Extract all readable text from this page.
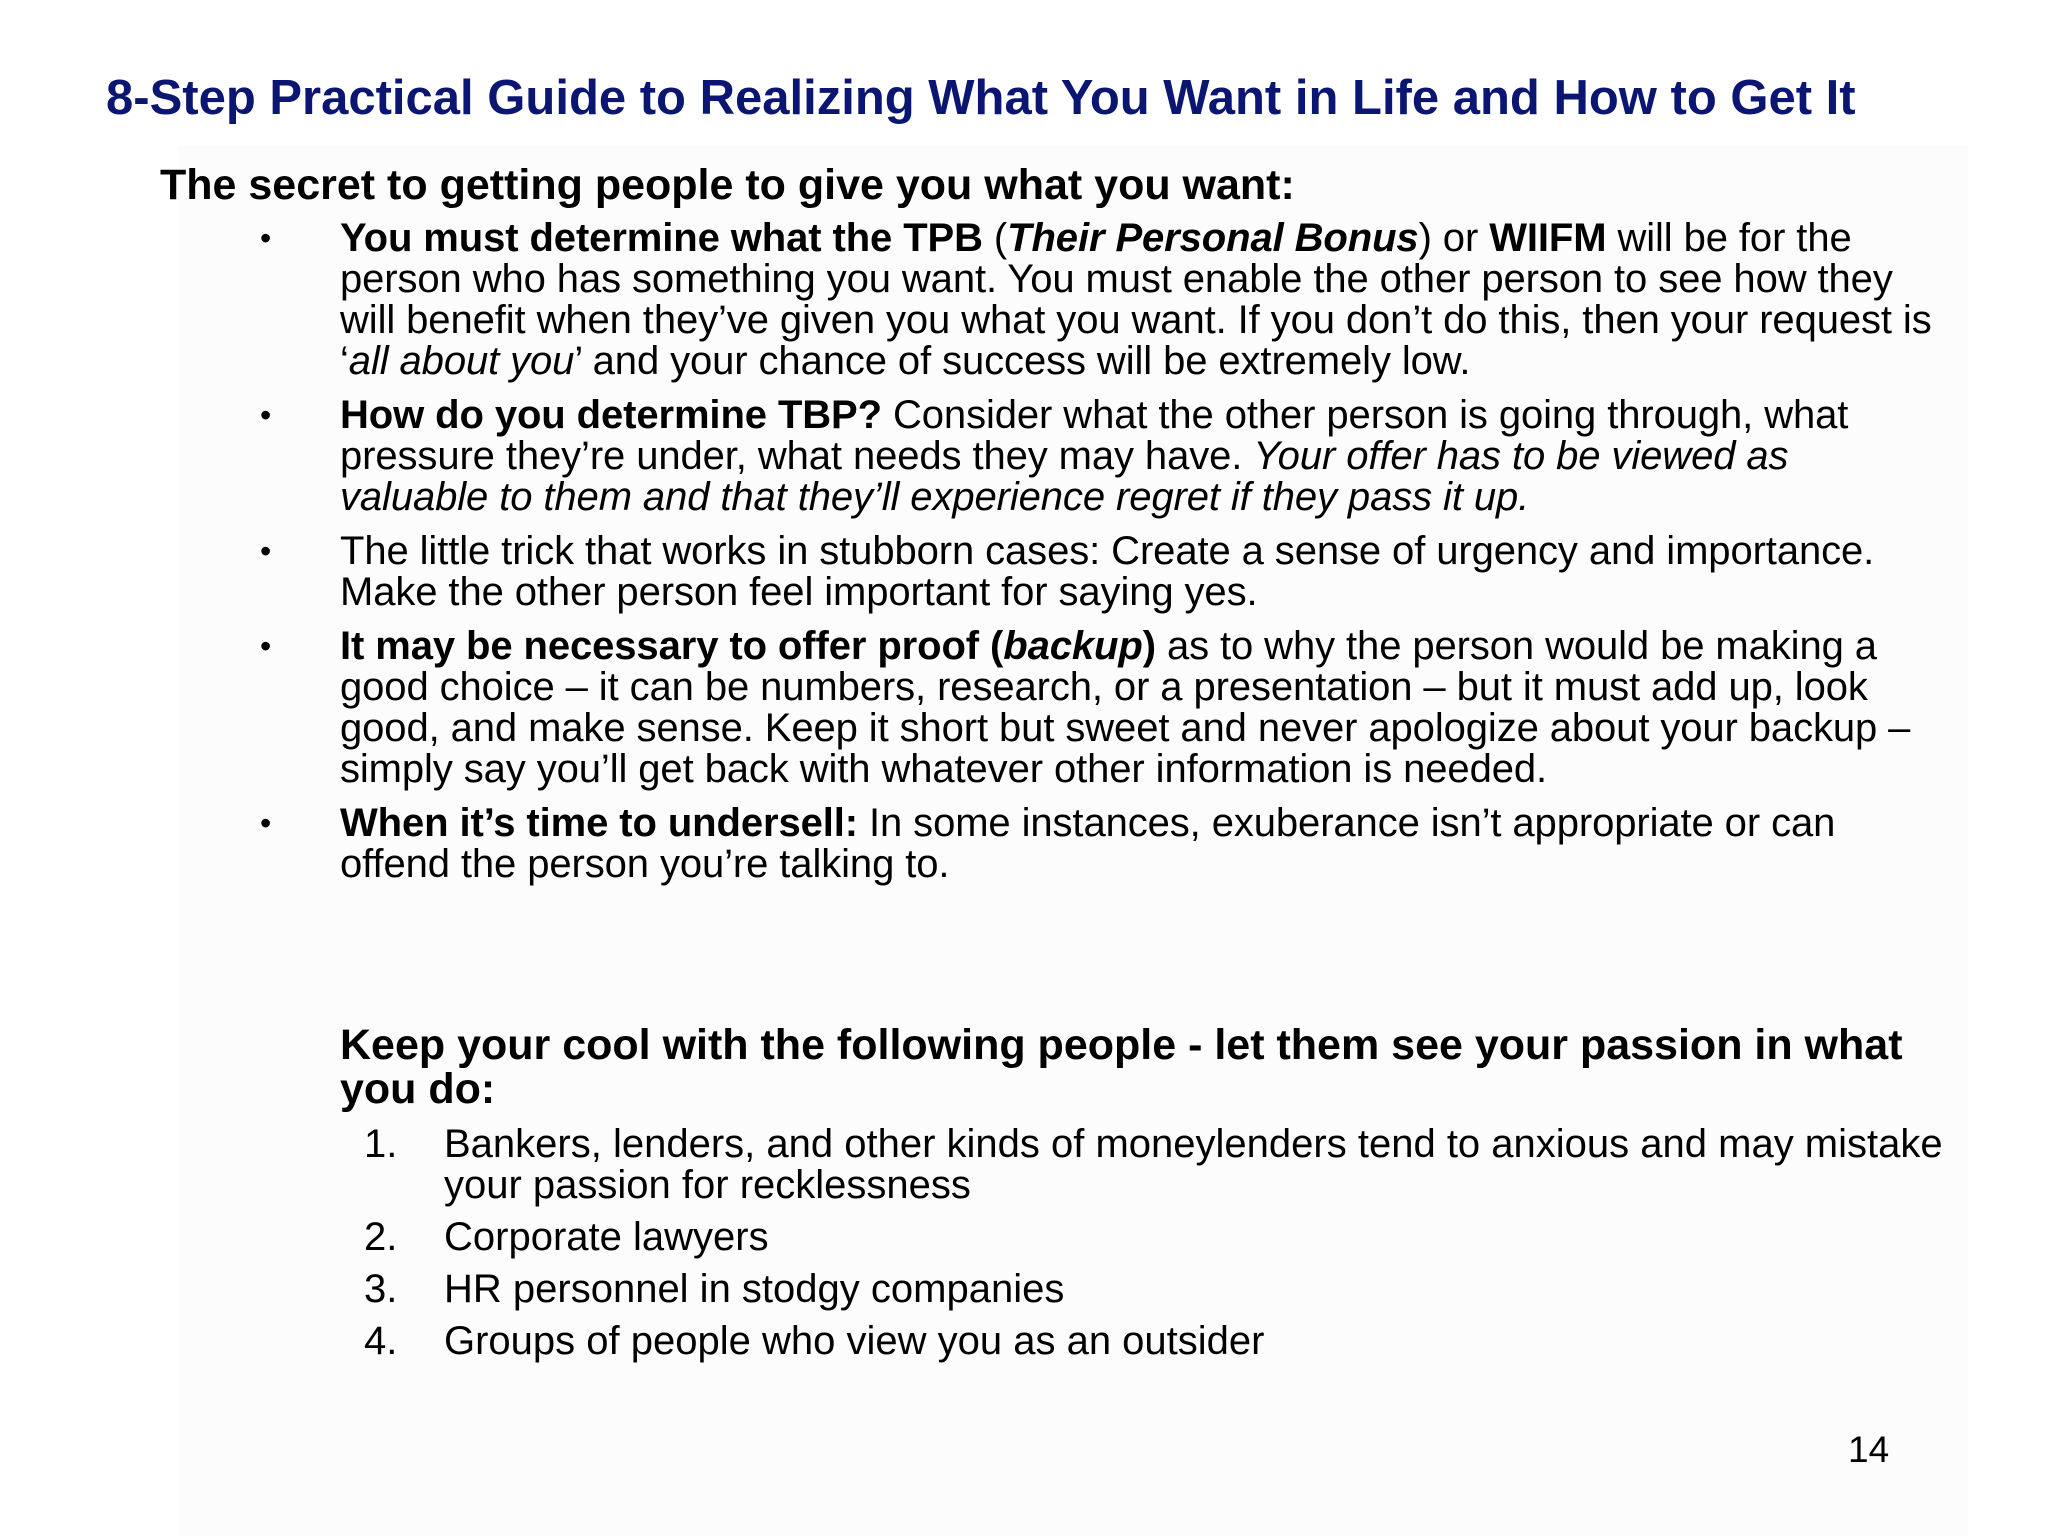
8-Step Practical Guide to Realizing What You Want in Life and How to Get It
The secret to getting people to give you what you want:
• You must determine what the TPB (Their Personal Bonus) or WIIFM will be for the person who has something you want. You must enable the other person to see how they will benefit when they’ve given you what you want. If you don’t do this, then your request is ‘all about you’ and your chance of success will be extremely low.
• How do you determine TBP? Consider what the other person is going through, what pressure they’re under, what needs they may have. Your offer has to be viewed as valuable to them and that they’ll experience regret if they pass it up.
• The little trick that works in stubborn cases: Create a sense of urgency and importance. Make the other person feel important for saying yes.
• It may be necessary to offer proof (backup) as to why the person would be making a good choice – it can be numbers, research, or a presentation – but it must add up, look good, and make sense. Keep it short but sweet and never apologize about your backup – simply say you’ll get back with whatever other information is needed.
• When it’s time to undersell: In some instances, exuberance isn’t appropriate or can offend the person you’re talking to.
Keep your cool with the following people - let them see your passion in what you do:
1. Bankers, lenders, and other kinds of moneylenders tend to anxious and may mistake your passion for recklessness
2. Corporate lawyers
3. HR personnel in stodgy companies
4. Groups of people who view you as an outsider
14
